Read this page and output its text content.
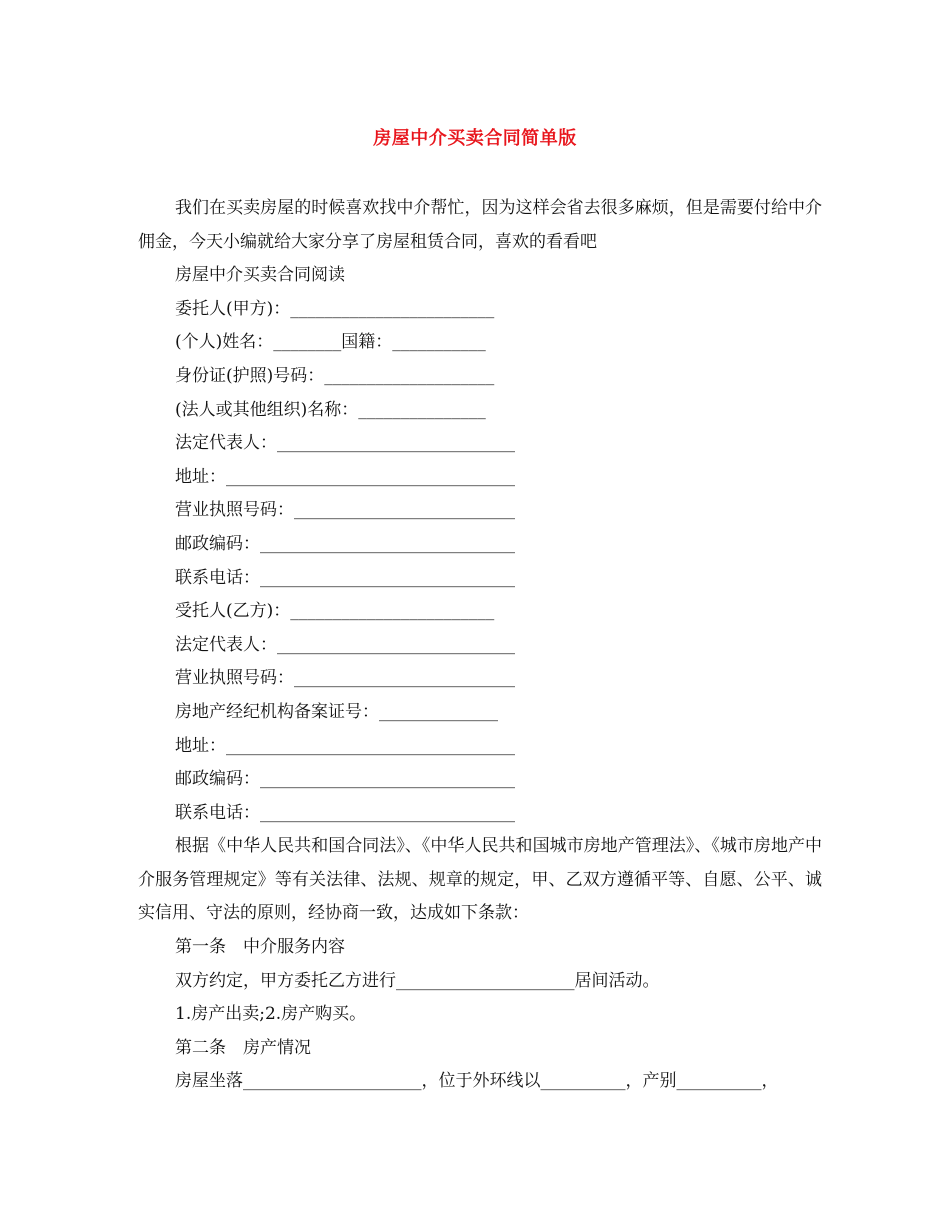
房屋中介买卖合同简单版

我们在买卖房屋的时候喜欢找中介帮忙，因为这样会省去很多麻烦，但是需要付给中介佣金，今天小编就给大家分享了房屋租赁合同，喜欢的看看吧

房屋中介买卖合同阅读

委托人(甲方)：________________________

(个人)姓名：________国籍：___________

身份证(护照)号码：____________________

(法人或其他组织)名称：_______________

法定代表人：____________________________

地址：__________________________________

营业执照号码：__________________________

邮政编码：______________________________

联系电话：______________________________

受托人(乙方)：________________________

法定代表人：____________________________

营业执照号码：__________________________

房地产经纪机构备案证号：______________

地址：__________________________________

邮政编码：______________________________

联系电话：______________________________

根据《中华人民共和国合同法》、《中华人民共和国城市房地产管理法》、《城市房地产中介服务管理规定》等有关法律、法规、规章的规定，甲、乙双方遵循平等、自愿、公平、诚实信用、守法的原则，经协商一致，达成如下条款：

第一条　中介服务内容

双方约定，甲方委托乙方进行_____________________居间活动。

1.房产出卖;2.房产购买。

第二条　房产情况

房屋坐落_____________________，位于外环线以__________，产别__________，
